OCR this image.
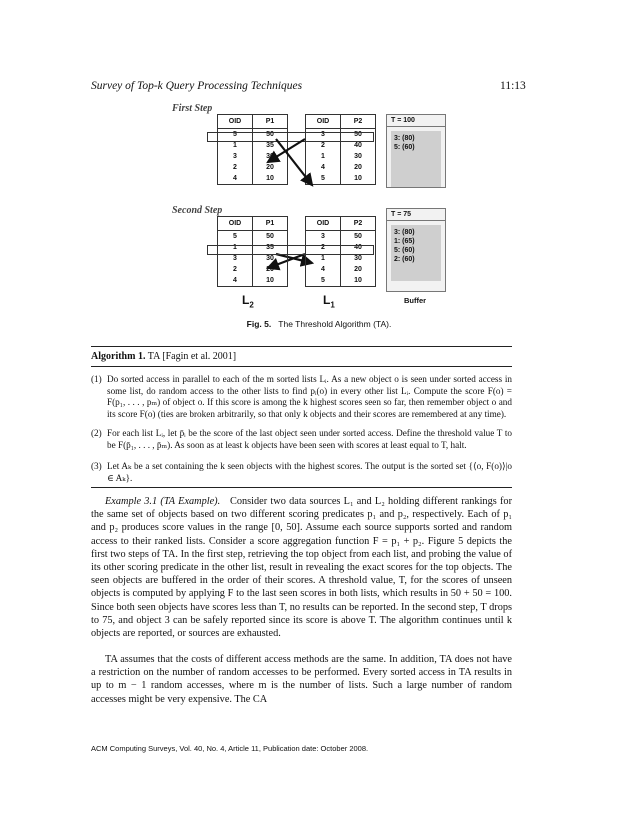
Survey of Top-k Query Processing Techniques	11:13
First Step
OID	P1
5	50
1	35
3	30
2	20
4	10
OID	P2
3	50
2	40
1	30
4	20
5	10
T = 100
3: (80)
5: (60)
Second Step
OID	P1
5	50
1	35
3	30
2	20
4	10
OID	P2
3	50
2	40
1	30
4	20
5	10
T = 75
3: (80)
1: (65)
5: (60)
2: (60)
$L_2$	$L_1$	Buffer
Fig. 5. The Threshold Algorithm (TA).
Algorithm 1. TA [Fagin et al. 2001]
(1) Do sorted access in parallel to each of the m sorted lists Lᵢ. As a new object o is seen under sorted access in some list, do random access to the other lists to find pᵢ(o) in every other list Lᵢ. Compute the score F(o) = F(p₁, . . . , pₘ) of object o. If this score is among the k highest scores seen so far, then remember object o and its score F(o) (ties are broken arbitrarily, so that only k objects and their scores are remembered at any time).
(2) For each list Lᵢ, let p̄ᵢ be the score of the last object seen under sorted access. Define the threshold value T to be F(p̄₁, . . . , p̄ₘ). As soon as at least k objects have been seen with scores at least equal to T, halt.
(3) Let Aₖ be a set containing the k seen objects with the highest scores. The output is the sorted set {⟨o, F(o)⟩|o ∈ Aₖ}.
Example 3.1 (TA Example). Consider two data sources L₁ and L₂ holding different rankings for the same set of objects based on two different scoring predicates p₁ and p₂, respectively. Each of p₁ and p₂ produces score values in the range [0, 50]. Assume each source supports sorted and random access to their ranked lists. Consider a score aggregation function F = p₁ + p₂. Figure 5 depicts the first two steps of TA. In the first step, retrieving the top object from each list, and probing the value of its other scoring predicate in the other list, result in revealing the exact scores for the top objects. The seen objects are buffered in the order of their scores. A threshold value, T, for the scores of unseen objects is computed by applying F to the last seen scores in both lists, which results in 50 + 50 = 100. Since both seen objects have scores less than T, no results can be reported. In the second step, T drops to 75, and object 3 can be safely reported since its score is above T. The algorithm continues until k objects are reported, or sources are exhausted.
TA assumes that the costs of different access methods are the same. In addition, TA does not have a restriction on the number of random accesses to be performed. Every sorted access in TA results in up to m − 1 random accesses, where m is the number of lists. Such a large number of random accesses might be very expensive. The CA
ACM Computing Surveys, Vol. 40, No. 4, Article 11, Publication date: October 2008.
